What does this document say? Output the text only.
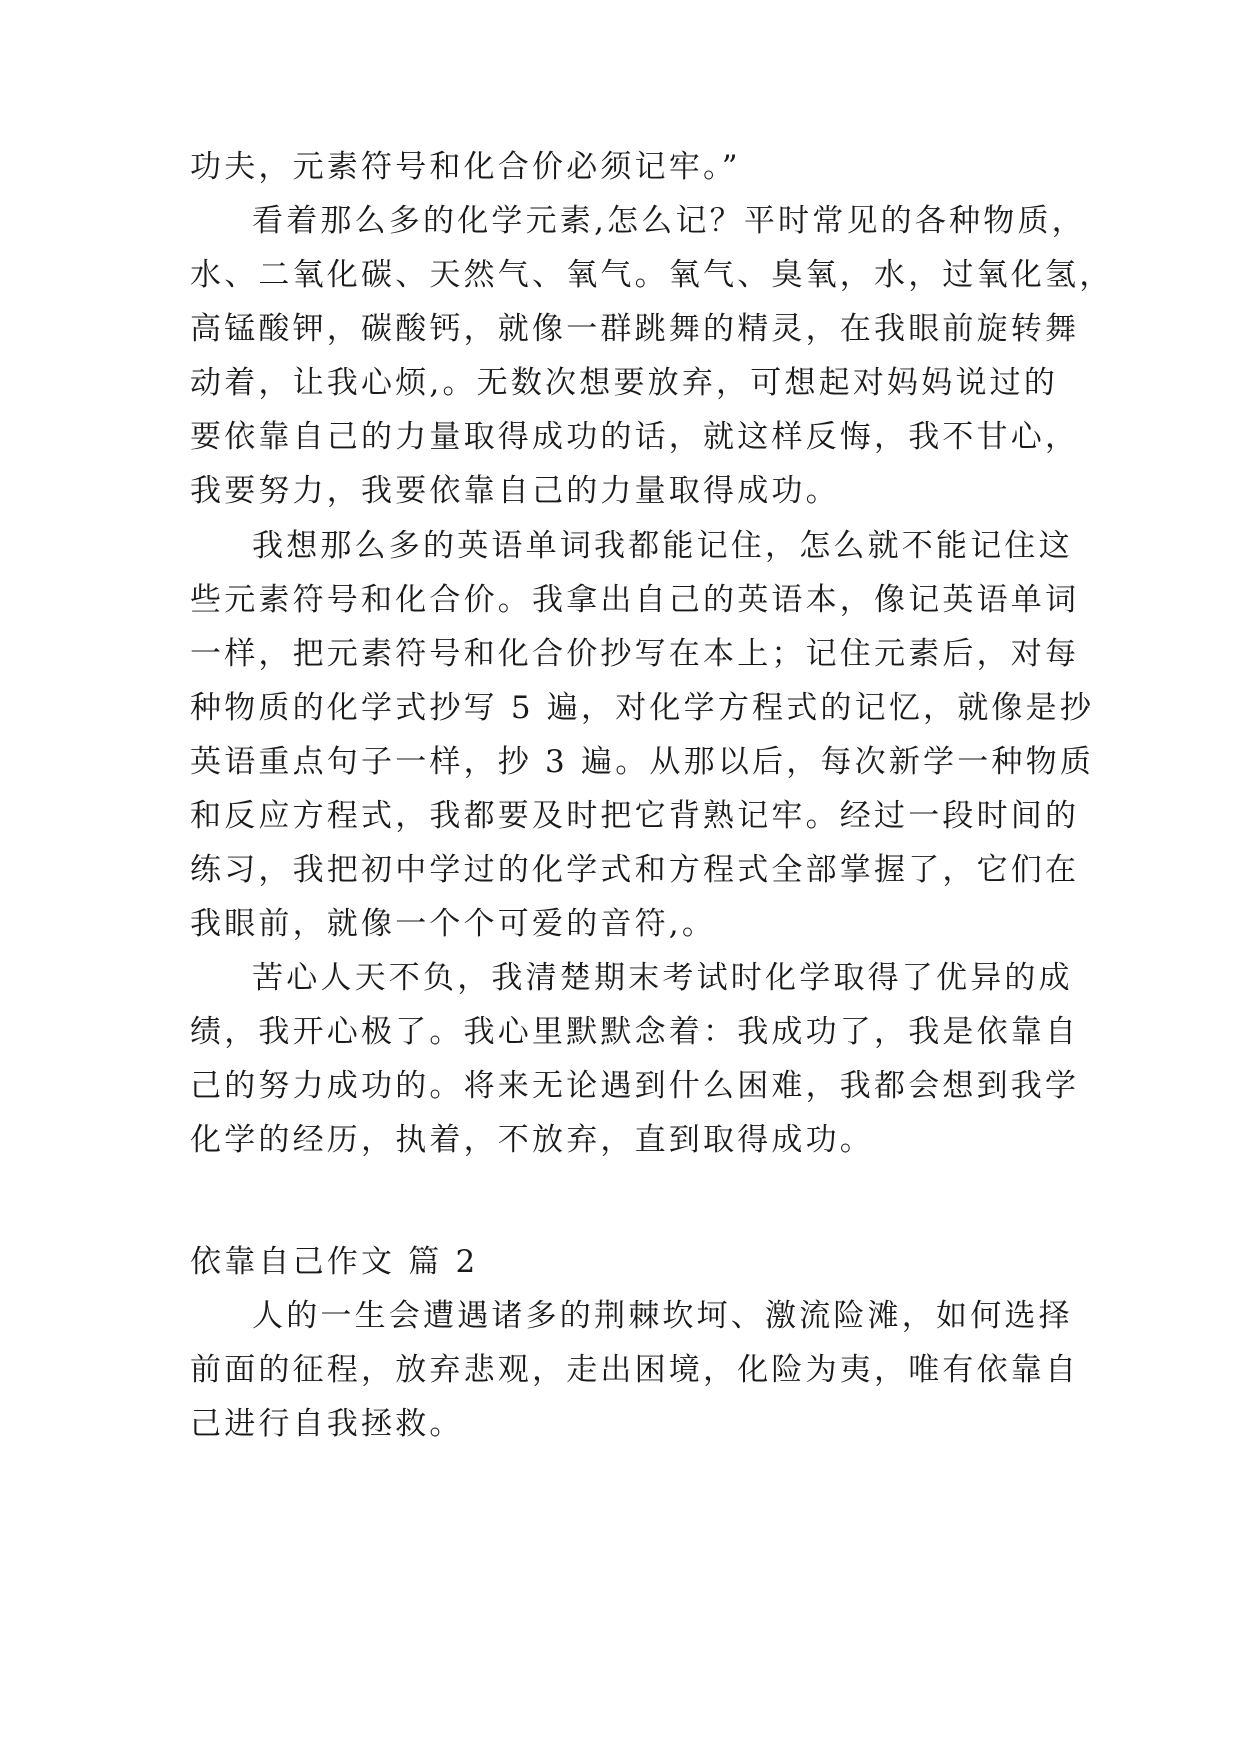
功夫，元素符号和化合价必须记牢。”
看着那么多的化学元素,怎么记？平时常见的各种物质，
水、二氧化碳、天然气、氧气。氧气、臭氧，水，过氧化氢，
高锰酸钾，碳酸钙，就像一群跳舞的精灵，在我眼前旋转舞
动着，让我心烦,。无数次想要放弃，可想起对妈妈说过的
要依靠自己的力量取得成功的话，就这样反悔，我不甘心，
我要努力，我要依靠自己的力量取得成功。
我想那么多的英语单词我都能记住，怎么就不能记住这
些元素符号和化合价。我拿出自己的英语本，像记英语单词
一样，把元素符号和化合价抄写在本上；记住元素后，对每
种物质的化学式抄写 5 遍，对化学方程式的记忆，就像是抄
英语重点句子一样，抄 3 遍。从那以后，每次新学一种物质
和反应方程式，我都要及时把它背熟记牢。经过一段时间的
练习，我把初中学过的化学式和方程式全部掌握了，它们在
我眼前，就像一个个可爱的音符,。
苦心人天不负，我清楚期末考试时化学取得了优异的成
绩，我开心极了。我心里默默念着：我成功了，我是依靠自
己的努力成功的。将来无论遇到什么困难，我都会想到我学
化学的经历，执着，不放弃，直到取得成功。
依靠自己作文 篇 2
人的一生会遭遇诸多的荆棘坎坷、激流险滩，如何选择
前面的征程，放弃悲观，走出困境，化险为夷，唯有依靠自
己进行自我拯救。
